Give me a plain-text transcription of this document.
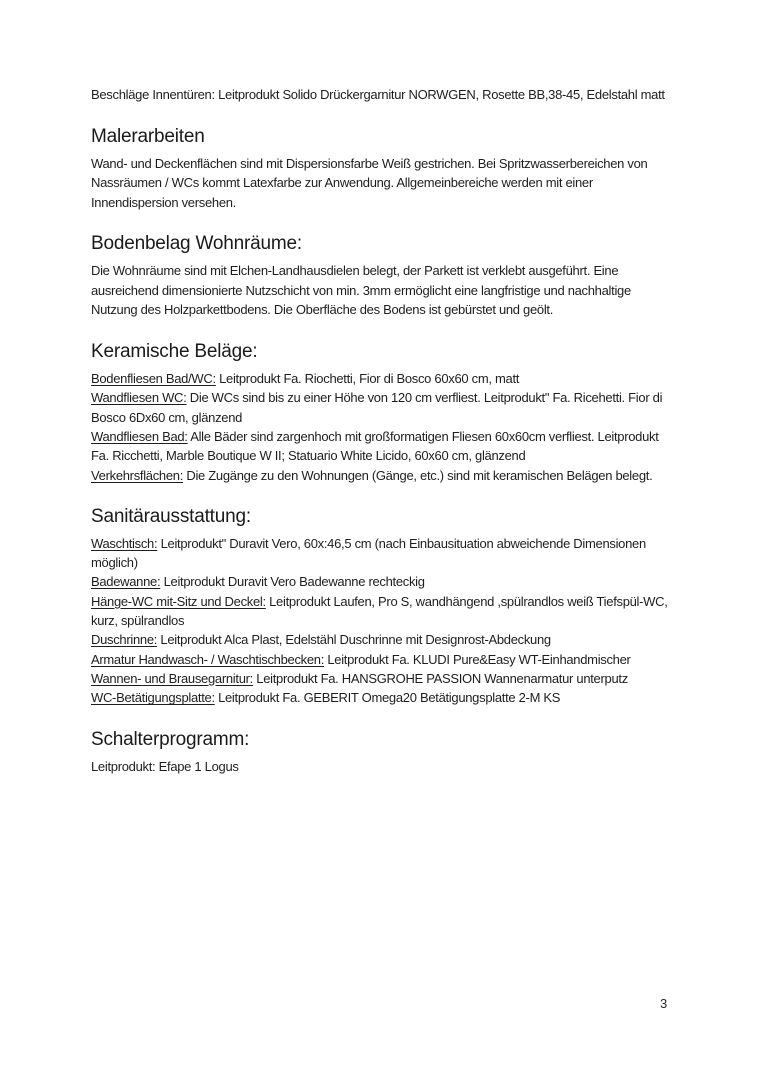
Beschläge Innentüren: Leitprodukt Solido Drückergarnitur NORWGEN, Rosette BB,38-45, Edelstahl matt

Malerarbeiten

Wand- und Deckenflächen sind mit Dispersionsfarbe Weiß gestrichen. Bei Spritzwasserbereichen von Nassräumen / WCs kommt Latexfarbe zur Anwendung. Allgemeinbereiche werden mit einer Innendispersion versehen.

Bodenbelag Wohnräume:

Die Wohnräume sind mit Elchen-Landhausdielen belegt, der Parkett ist verklebt ausgeführt. Eine ausreichend dimensionierte Nutzschicht von min. 3mm ermöglicht eine langfristige und nachhaltige Nutzung des Holzparkettbodens. Die Oberfläche des Bodens ist gebürstet und geölt.

Keramische Beläge:

Bodenfliesen Bad/WC: Leitprodukt Fa. Riochetti, Fior di Bosco 60x60 cm, matt

Wandfliesen WC: Die WCs sind bis zu einer Höhe von 120 cm verfliest. Leitprodukt" Fa. Ricehetti. Fior di Bosco 6Dx60 cm, glänzend

Wandfliesen Bad: Alle Bäder sind zargenhoch mit großformatigen Fliesen 60x60cm verfliest. Leitprodukt Fa. Ricchetti, Marble Boutique W II; Statuario White Licido, 60x60 cm, glänzend

Verkehrsflächen: Die Zugänge zu den Wohnungen (Gänge, etc.) sind mit keramischen Belägen belegt.

Sanitärausstattung:

Waschtisch: Leitprodukt" Duravit Vero, 60x:46,5 cm (nach Einbausituation abweichende Dimensionen möglich)

Badewanne: Leitprodukt Duravit Vero Badewanne rechteckig

Hänge-WC mit-Sitz und Deckel: Leitprodukt Laufen, Pro S, wandhängend ,spülrandlos weiß Tiefspül-WC, kurz, spülrandlos

Duschrinne: Leitprodukt Alca Plast, Edelstähl Duschrinne mit Designrost-Abdeckung

Armatur Handwasch- / Waschtischbecken: Leitprodukt Fa. KLUDI Pure&Easy WT-Einhandmischer

Wannen- und Brausegarnitur: Leitprodukt Fa. HANSGROHE PASSION Wannenarmatur unterputz

WC-Betätigungsplatte: Leitprodukt Fa. GEBERIT Omega20 Betätigungsplatte 2-M KS

Schalterprogramm:

Leitprodukt: Efape 1 Logus

3
